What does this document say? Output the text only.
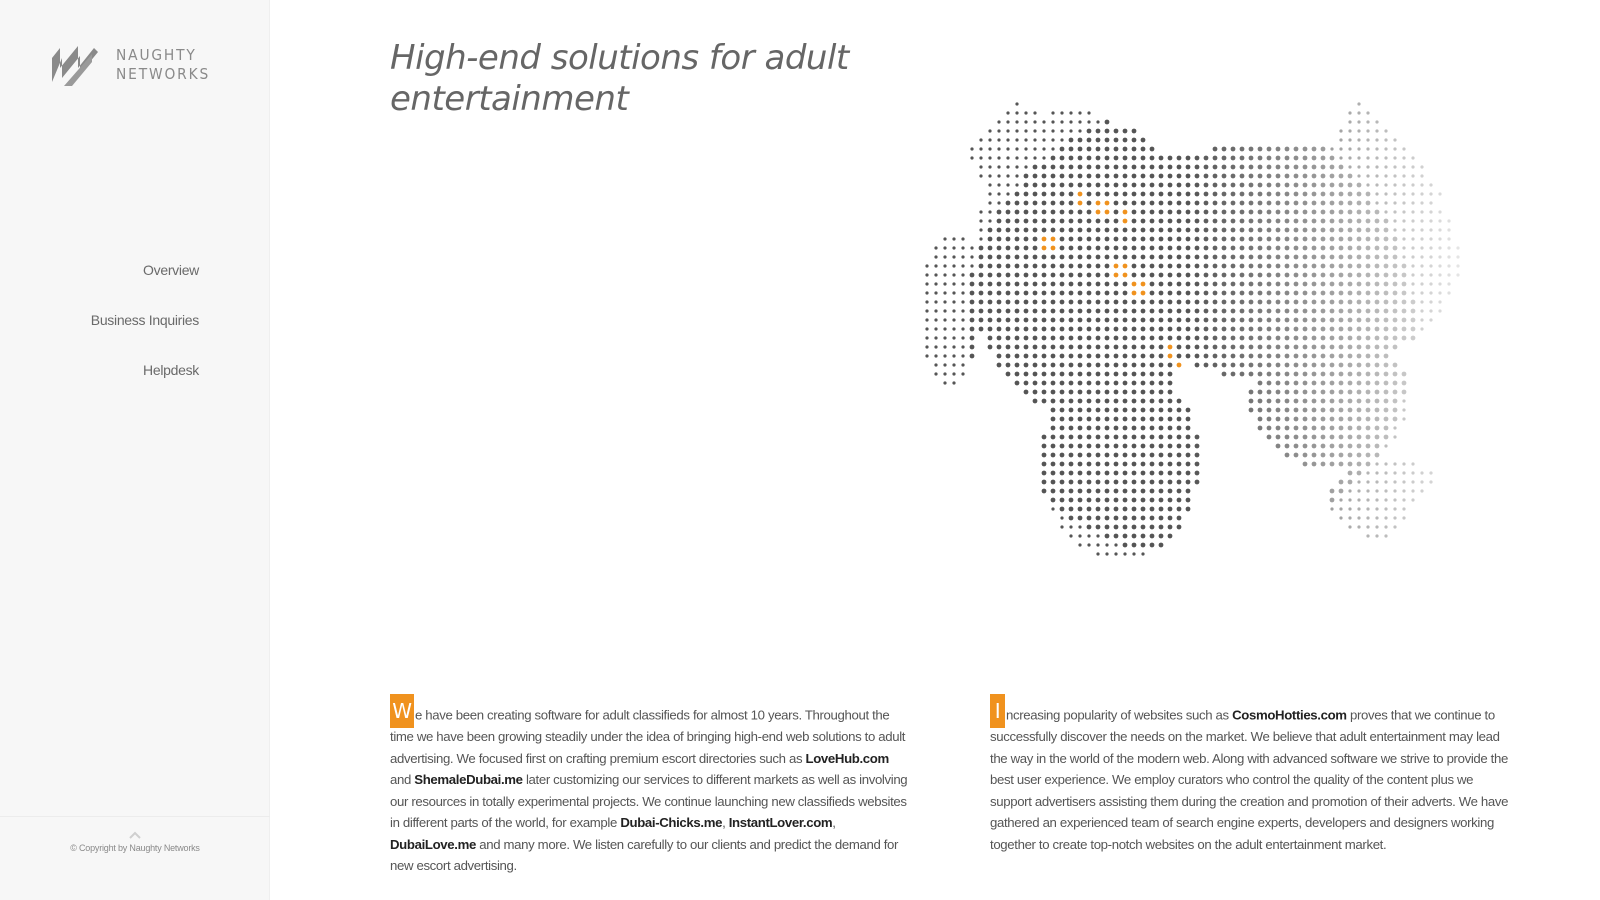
NAUGHTY
NETWORKS
Overview
Business Inquiries
Helpdesk
© Copyright by Naughty Networks
High-end solutions for adult entertainment
W e have been creating software for adult classifieds for almost 10 years. Throughout the time we have been growing steadily under the idea of bringing high-end web solutions to adult advertising. We focused first on crafting premium escort directories such as LoveHub.com and ShemaleDubai.me later customizing our services to different markets as well as involving our resources in totally experimental projects. We continue launching new classifieds websites in different parts of the world, for example Dubai-Chicks.me, InstantLover.com, DubaiLove.me and many more. We listen carefully to our clients and predict the demand for new escort advertising.
I ncreasing popularity of websites such as CosmoHotties.com proves that we continue to successfully discover the needs on the market. We believe that adult entertainment may lead the way in the world of the modern web. Along with advanced software we strive to provide the best user experience. We employ curators who control the quality of the content plus we support advertisers assisting them during the creation and promotion of their adverts. We have gathered an experienced team of search engine experts, developers and designers working together to create top-notch websites on the adult entertainment market.
